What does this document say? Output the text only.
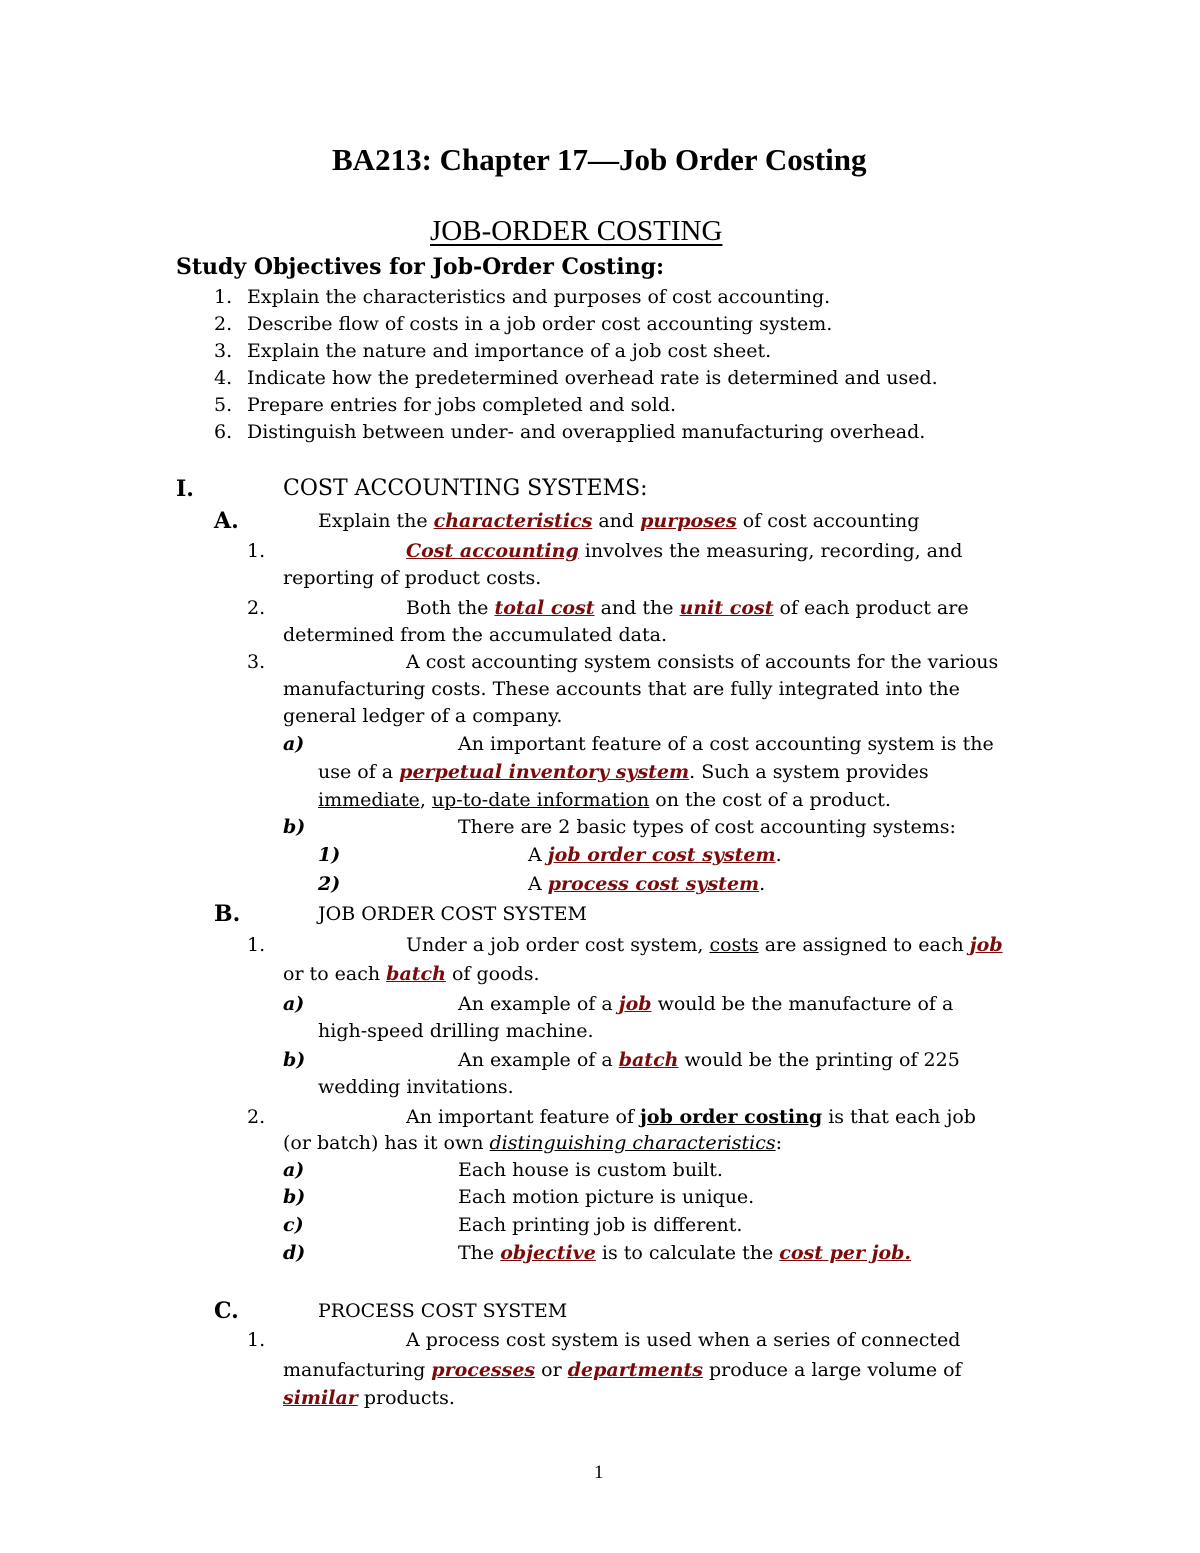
BA213: Chapter 17—Job Order Costing
JOB-ORDER COSTING
Study Objectives for Job-Order Costing:
1. Explain the characteristics and purposes of cost accounting.
2. Describe flow of costs in a job order cost accounting system.
3. Explain the nature and importance of a job cost sheet.
4. Indicate how the predetermined overhead rate is determined and used.
5. Prepare entries for jobs completed and sold.
6. Distinguish between under- and overapplied manufacturing overhead.
I.	COST ACCOUNTING SYSTEMS:
A.	Explain the characteristics and purposes of cost accounting
1.	Cost accounting involves the measuring, recording, and
reporting of product costs.
2.	Both the total cost and the unit cost of each product are
determined from the accumulated data.
3.	A cost accounting system consists of accounts for the various
manufacturing costs. These accounts that are fully integrated into the
general ledger of a company.
a)	An important feature of a cost accounting system is the
use of a perpetual inventory system. Such a system provides
immediate, up-to-date information on the cost of a product.
b)	There are 2 basic types of cost accounting systems:
1)	A job order cost system.
2)	A process cost system.
B.	JOB ORDER COST SYSTEM
1.	Under a job order cost system, costs are assigned to each job
or to each batch of goods.
a)	An example of a job would be the manufacture of a
high-speed drilling machine.
b)	An example of a batch would be the printing of 225
wedding invitations.
2.	An important feature of job order costing is that each job
(or batch) has it own distinguishing characteristics:
a)	Each house is custom built.
b)	Each motion picture is unique.
c)	Each printing job is different.
d)	The objective is to calculate the cost per job.
C.	PROCESS COST SYSTEM
1.	A process cost system is used when a series of connected
manufacturing processes or departments produce a large volume of
similar products.
1
